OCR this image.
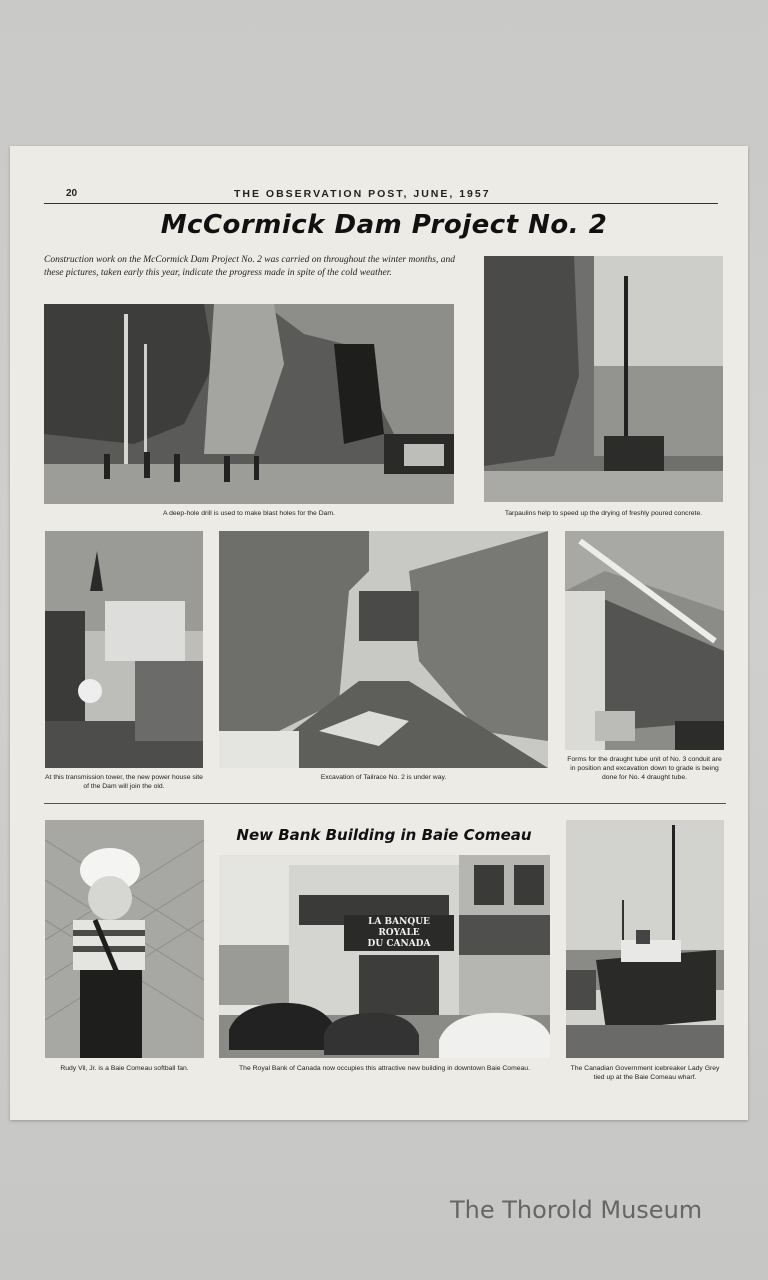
20	THE OBSERVATION POST, JUNE, 1957
McCormick Dam Project No. 2
Construction work on the McCormick Dam Project No. 2 was carried on throughout the winter months, and these pictures, taken early this year, indicate the progress made in spite of the cold weather.
A deep-hole drill is used to make blast holes for the Dam.	Tarpaulins help to speed up the drying of freshly poured concrete.
At this transmission tower, the new power house site of the Dam will join the old.
Excavation of Tailrace No. 2 is under way.
Forms for the draught tube unit of No. 3 conduit are in position and excavation down to grade is being done for No. 4 draught tube.
Rudy Vil, Jr. is a Baie Comeau softball fan.
New Bank Building in Baie Comeau
LA BANQUE ROYALE
DU CANADA
The Royal Bank of Canada now occupies this attractive new building in downtown Baie Comeau.	The Canadian Government icebreaker Lady Grey tied up at the Baie Comeau wharf.
The Thorold Museum
